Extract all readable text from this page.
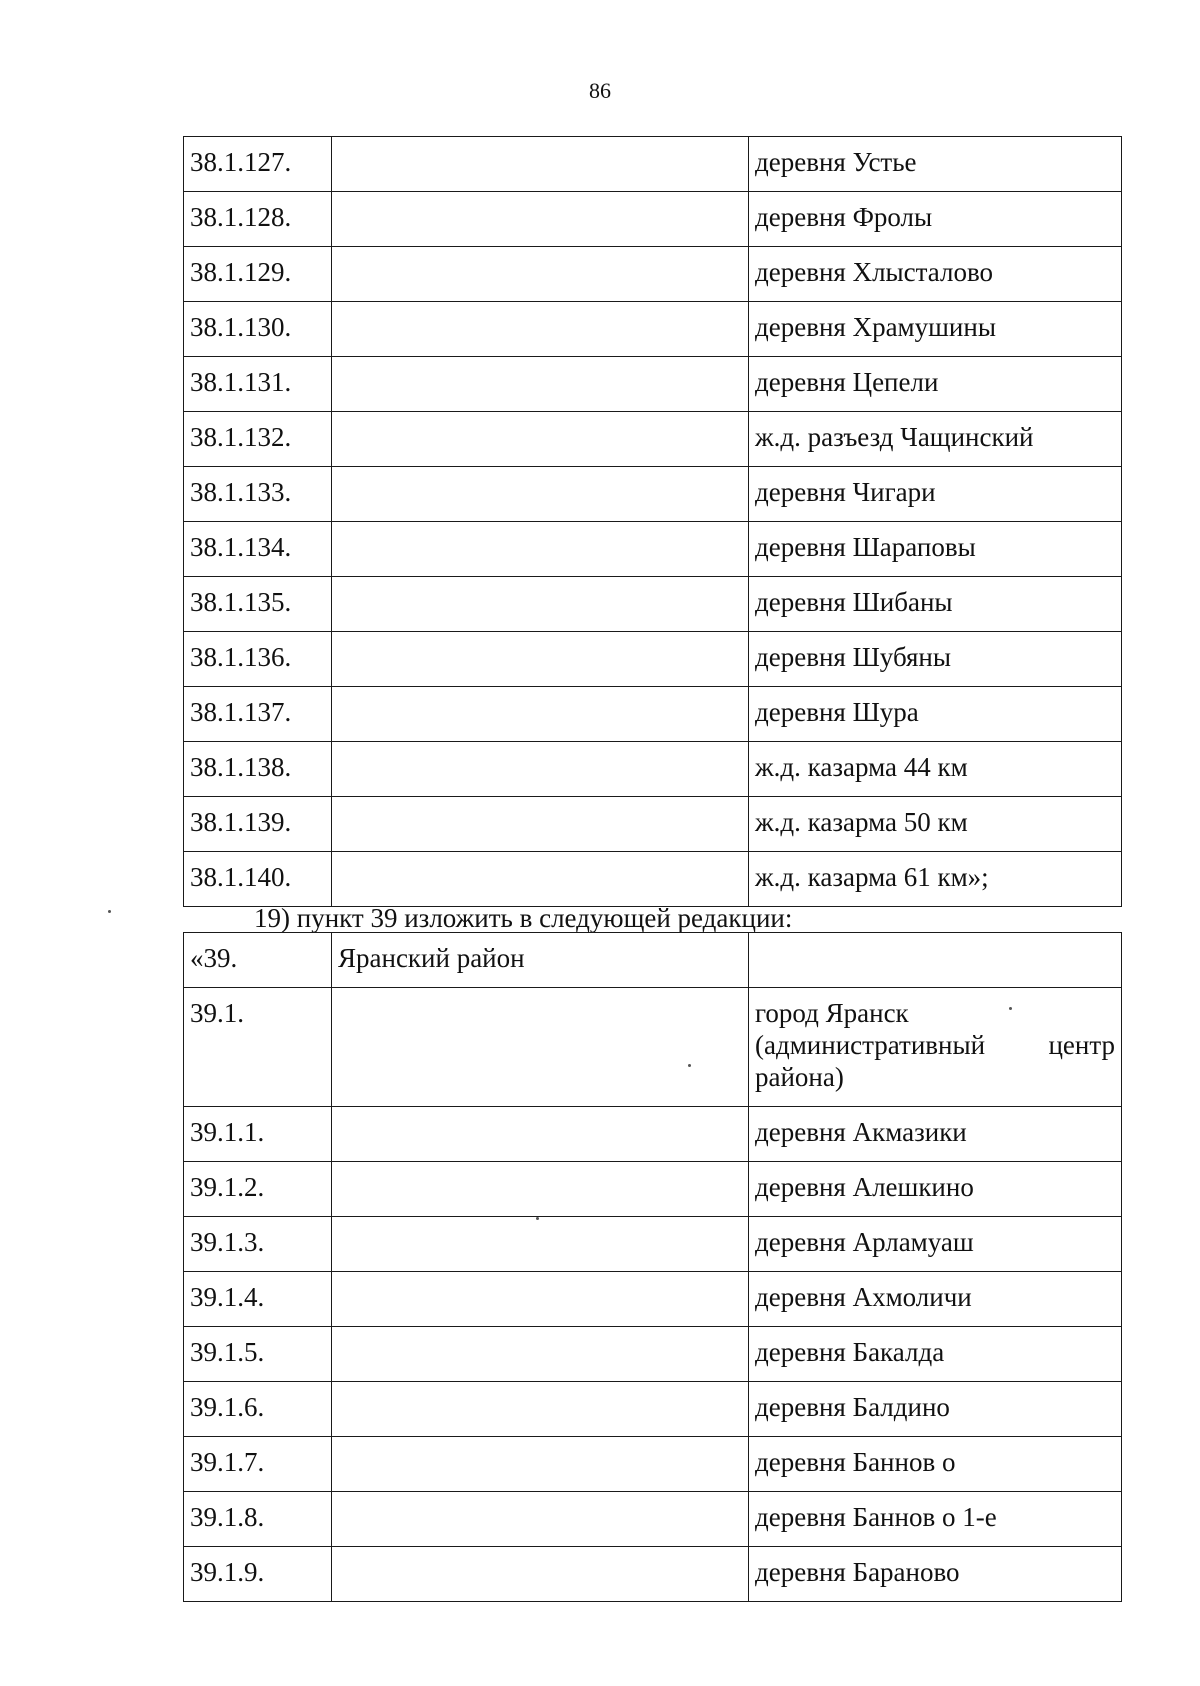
86
38.1.127.		деревня Устье
38.1.128.		деревня Фролы
38.1.129.		деревня Хлысталово
38.1.130.		деревня Храмушины
38.1.131.		деревня Цепели
38.1.132.		ж.д. разъезд Чащинский
38.1.133.		деревня Чигари
38.1.134.		деревня Шараповы
38.1.135.		деревня Шибаны
38.1.136.		деревня Шубяны
38.1.137.		деревня Шура
38.1.138.		ж.д. казарма 44 км
38.1.139.		ж.д. казарма 50 км
38.1.140.		ж.д. казарма 61 км»;
19) пункт 39 изложить в следующей редакции:
«39.	Яранский район	
39.1.		город Яранск
(административный центр
района)

39.1.1.		деревня Акмазики
39.1.2.		деревня Алешкино
39.1.3.		деревня Арламуаш
39.1.4.		деревня Ахмоличи
39.1.5.		деревня Бакалда
39.1.6.		деревня Балдино
39.1.7.		деревня Баннов о
39.1.8.		деревня Баннов о 1-е
39.1.9.		деревня Бараново
